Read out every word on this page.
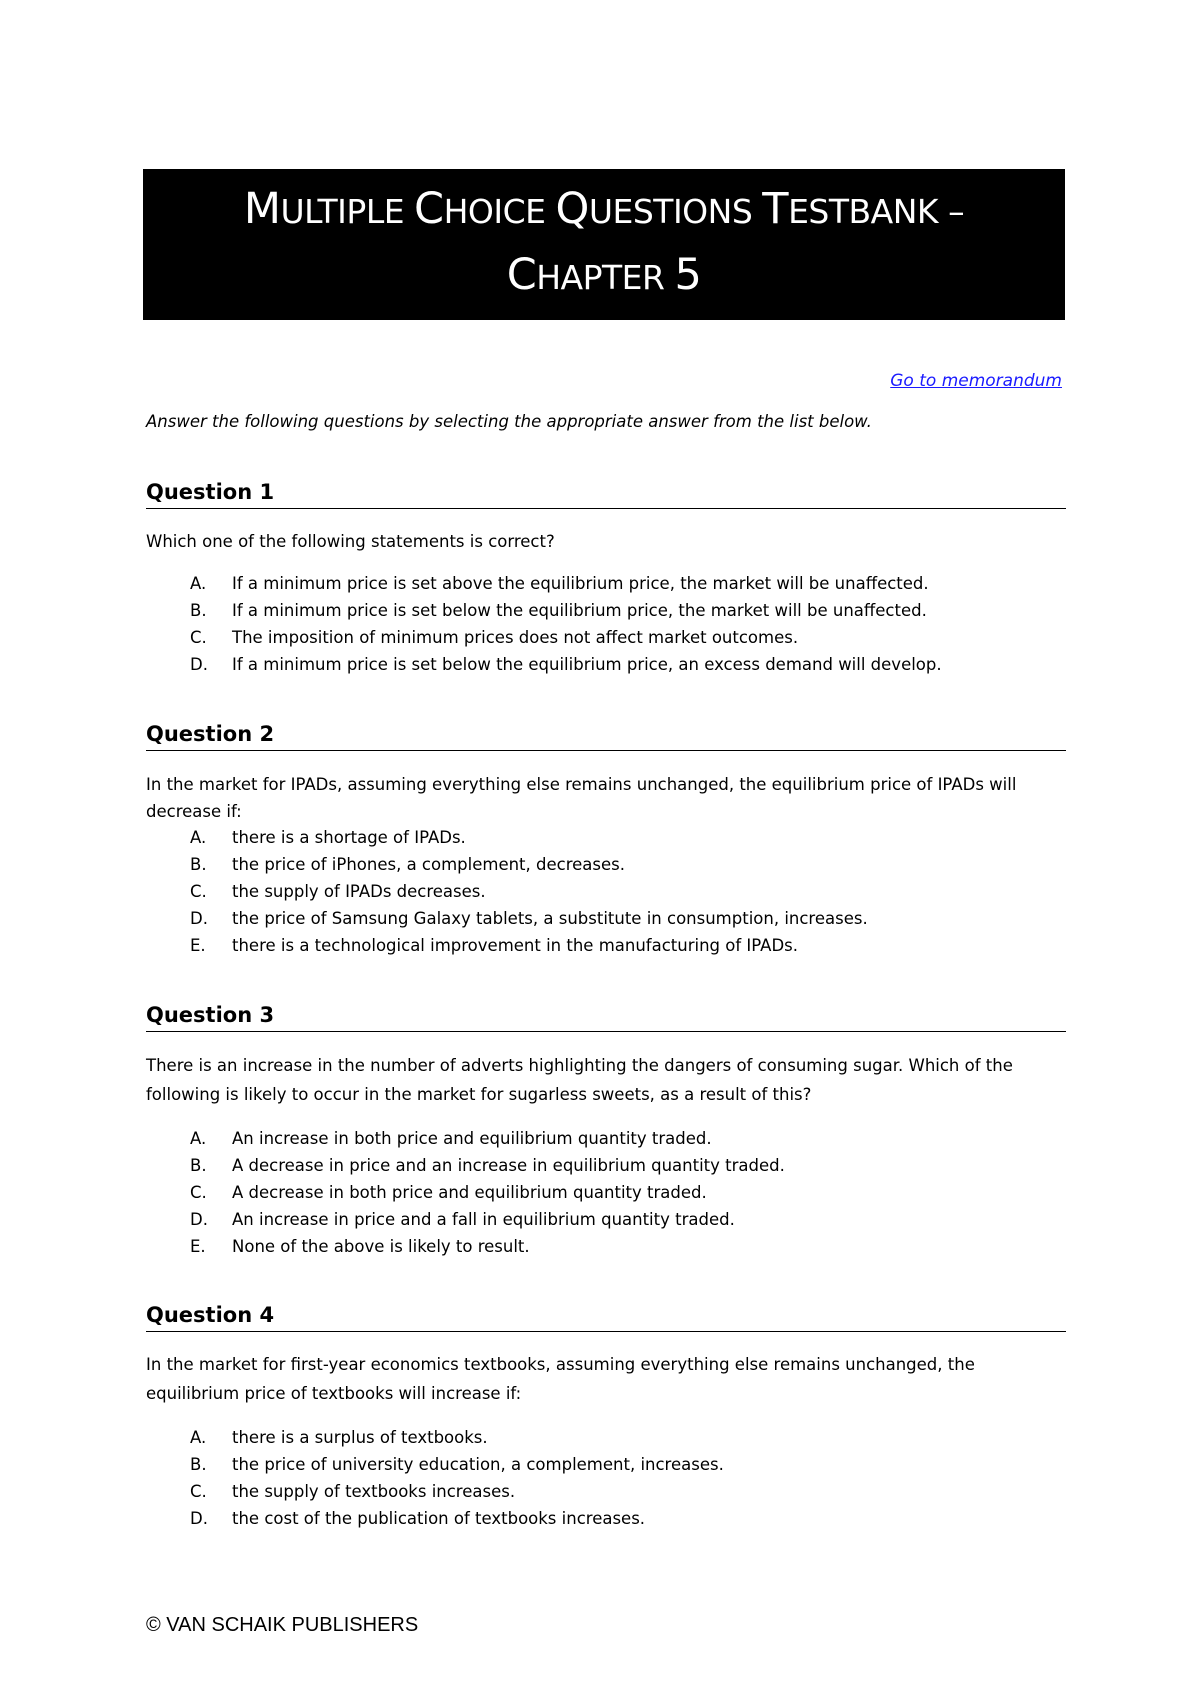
MULTIPLE CHOICE QUESTIONS TESTBANK –
CHAPTER 5
Go to memorandum
Answer the following questions by selecting the appropriate answer from the list below.
Question 1
Which one of the following statements is correct?
A. If a minimum price is set above the equilibrium price, the market will be unaffected.
B. If a minimum price is set below the equilibrium price, the market will be unaffected.
C. The imposition of minimum prices does not affect market outcomes.
D. If a minimum price is set below the equilibrium price, an excess demand will develop.
Question 2
In the market for IPADs, assuming everything else remains unchanged, the equilibrium price of IPADs will decrease if:
A. there is a shortage of IPADs.
B. the price of iPhones, a complement, decreases.
C. the supply of IPADs decreases.
D. the price of Samsung Galaxy tablets, a substitute in consumption, increases.
E. there is a technological improvement in the manufacturing of IPADs.
Question 3
There is an increase in the number of adverts highlighting the dangers of consuming sugar. Which of the following is likely to occur in the market for sugarless sweets, as a result of this?
A. An increase in both price and equilibrium quantity traded.
B. A decrease in price and an increase in equilibrium quantity traded.
C. A decrease in both price and equilibrium quantity traded.
D. An increase in price and a fall in equilibrium quantity traded.
E. None of the above is likely to result.
Question 4
In the market for first-year economics textbooks, assuming everything else remains unchanged, the equilibrium price of textbooks will increase if:
A. there is a surplus of textbooks.
B. the price of university education, a complement, increases.
C. the supply of textbooks increases.
D. the cost of the publication of textbooks increases.
© VAN SCHAIK PUBLISHERS
